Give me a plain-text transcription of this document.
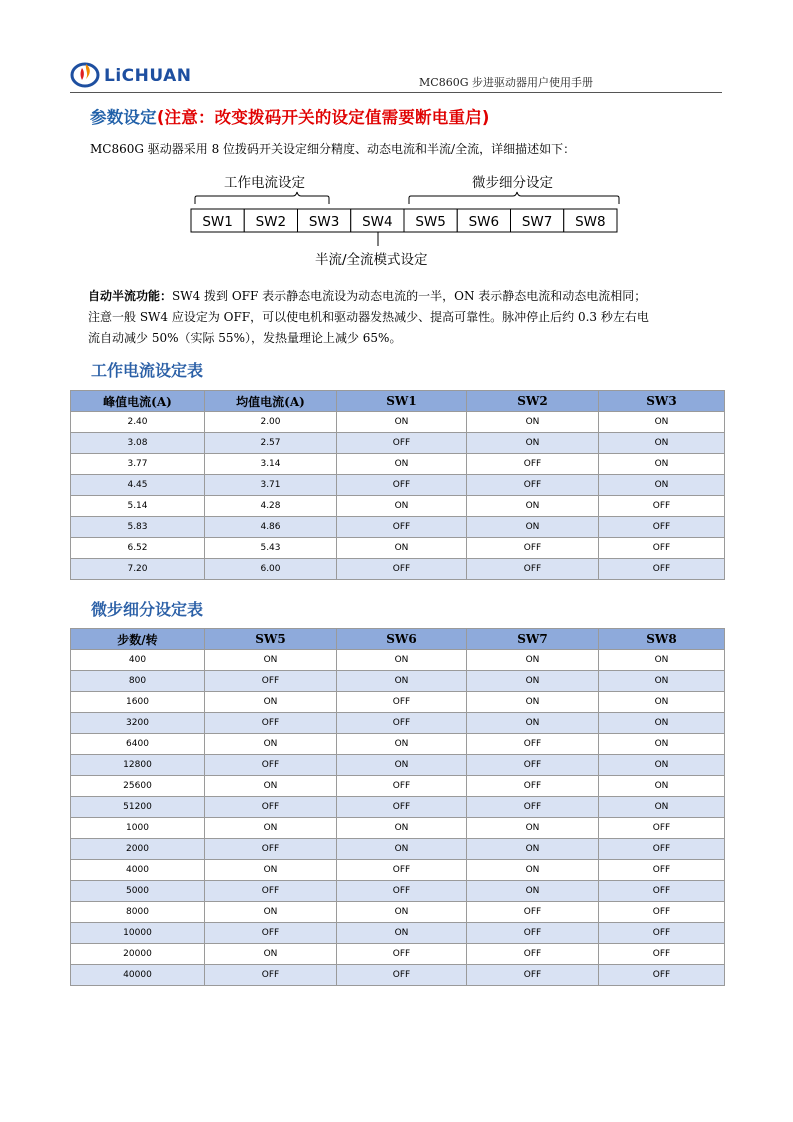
LiCHUAN	MC860G 步进驱动器用户使用手册
参数设定(注意：改变拨码开关的设定值需要断电重启)
MC860G 驱动器采用 8 位拨码开关设定细分精度、动态电流和半流/全流，详细描述如下：
工作电流设定	微步细分设定
SW1 SW2 SW3 SW4 SW5 SW6 SW7 SW8
半流/全流模式设定
自动半流功能：SW4 拨到 OFF 表示静态电流设为动态电流的一半，ON 表示静态电流和动态电流相同；
注意一般 SW4 应设定为 OFF，可以使电机和驱动器发热减少、提高可靠性。脉冲停止后约 0.3 秒左右电
流自动减少 50%（实际 55%），发热量理论上减少 65%。
工作电流设定表
峰值电流(A)	均值电流(A)	SW1	SW2	SW3
2.40	2.00	ON	ON	ON
3.08	2.57	OFF	ON	ON
3.77	3.14	ON	OFF	ON
4.45	3.71	OFF	OFF	ON
5.14	4.28	ON	ON	OFF
5.83	4.86	OFF	ON	OFF
6.52	5.43	ON	OFF	OFF
7.20	6.00	OFF	OFF	OFF
微步细分设定表
步数/转	SW5	SW6	SW7	SW8
400	ON	ON	ON	ON
800	OFF	ON	ON	ON
1600	ON	OFF	ON	ON
3200	OFF	OFF	ON	ON
6400	ON	ON	OFF	ON
12800	OFF	ON	OFF	ON
25600	ON	OFF	OFF	ON
51200	OFF	OFF	OFF	ON
1000	ON	ON	ON	OFF
2000	OFF	ON	ON	OFF
4000	ON	OFF	ON	OFF
5000	OFF	OFF	ON	OFF
8000	ON	ON	OFF	OFF
10000	OFF	ON	OFF	OFF
20000	ON	OFF	OFF	OFF
40000	OFF	OFF	OFF	OFF
